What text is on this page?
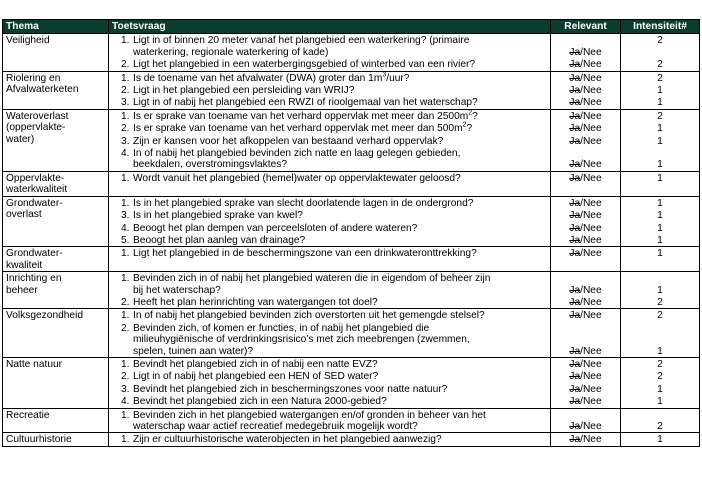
Thema	Toetsvraag	Relevant	Intensiteit#

Veiligheid	1. Ligt in of binnen 20 meter vanaf het plangebied een waterkering? (primaire
waterkering, regionale waterkering of kade)	Ja/Nee	2

	2. Ligt het plangebied in een waterbergingsgebied of winterbed van een rivier?	Ja/Nee	2

Riolering en
Afvalwaterketen	1. Is de toename van het afvalwater (DWA) groter dan $1m^3$/uur?	Ja/Nee	2

	2. Ligt in het plangebied een persleiding van WRIJ?	Ja/Nee	1

	3. Ligt in of nabij het plangebied een RWZI of rioolgemaal van het waterschap?	Ja/Nee	1

Wateroverlast
(oppervlakte-
water)	1. Is er sprake van toename van het verhard oppervlak met meer dan $2500m^2$?	Ja/Nee	2

	2. Is er sprake van toename van het verhard oppervlak met meer dan $500m^2$?	Ja/Nee	1

	3. Zijn er kansen voor het afkoppelen van bestaand verhard oppervlak?	Ja/Nee	1

	4. In of nabij het plangebied bevinden zich natte en laag gelegen gebieden,
beekdalen, overstromingsvlaktes?	Ja/Nee	1

Oppervlakte-
waterkwaliteit	1. Wordt vanuit het plangebied (hemel)water op oppervlaktewater geloosd?	Ja/Nee	1

Grondwater-
overlast	1. Is in het plangebied sprake van slecht doorlatende lagen in de ondergrond?	Ja/Nee	1

	3. Is in het plangebied sprake van kwel?	Ja/Nee	1

	4. Beoogt het plan dempen van perceelsloten of andere wateren?	Ja/Nee	1

	5. Beoogt het plan aanleg van drainage?	Ja/Nee	1

Grondwater-
kwaliteit	1. Ligt het plangebied in de beschermingszone van een drinkwateronttrekking?	Ja/Nee	1

Inrichting en
beheer	1. Bevinden zich in of nabij het plangebied wateren die in eigendom of beheer zijn
bij het waterschap?	Ja/Nee	1

	2. Heeft het plan herinrichting van watergangen tot doel?	Ja/Nee	2

Volksgezondheid	1. In of nabij het plangebied bevinden zich overstorten uit het gemengde stelsel?	Ja/Nee	2

	2. Bevinden zich, of komen er functies, in of nabij het plangebied die
milieuhygiënische of verdrinkingsrisico’s met zich meebrengen (zwemmen,
spelen, tuinen aan water)?	Ja/Nee	1

Natte natuur	1. Bevindt het plangebied zich in of nabij een natte EVZ?	Ja/Nee	2

	2. Ligt in of nabij het plangebied een HEN of SED water?	Ja/Nee	2

	3. Bevindt het plangebied zich in beschermingszones voor natte natuur?	Ja/Nee	1

	4. Bevindt het plangebied zich in een Natura 2000-gebied?	Ja/Nee	1

Recreatie	1. Bevinden zich in het plangebied watergangen en/of gronden in beheer van het
waterschap waar actief recreatief medegebruik mogelijk wordt?	Ja/Nee	2

Cultuurhistorie	1. Zijn er cultuurhistorische waterobjecten in het plangebied aanwezig?	Ja/Nee	1
